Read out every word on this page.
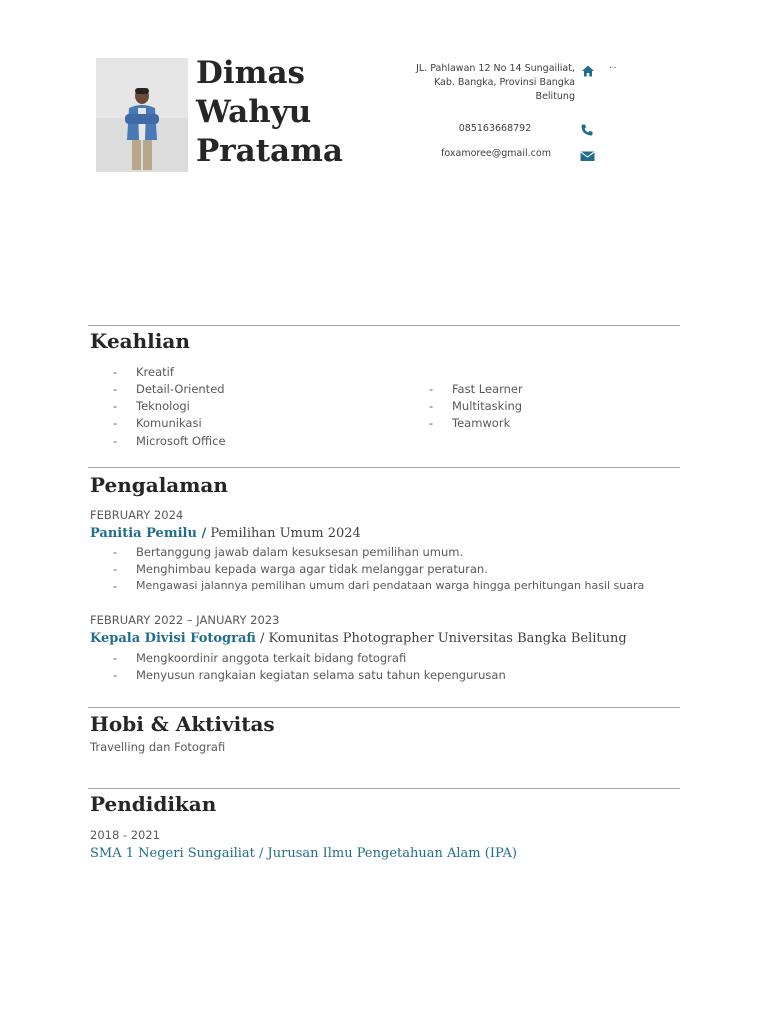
Dimas
Wahyu
Pratama
JL. Pahlawan 12 No 14 Sungailiat, Kab. Bangka, Provinsi Bangka Belitung
085163668792
foxamoree@gmail.com
··
Keahlian
- Kreatif
- Detail-Oriented
- Teknologi
- Komunikasi
- Microsoft Office
- Fast Learner
- Multitasking
- Teamwork
Pengalaman
FEBRUARY 2024
Panitia Pemilu / Pemilihan Umum 2024
- Bertanggung jawab dalam kesuksesan pemilihan umum.
- Menghimbau kepada warga agar tidak melanggar peraturan.
- Mengawasi jalannya pemilihan umum dari pendataan warga hingga perhitungan hasil suara
FEBRUARY 2022 – JANUARY 2023
Kepala Divisi Fotografi / Komunitas Photographer Universitas Bangka Belitung
- Mengkoordinir anggota terkait bidang fotografi
- Menyusun rangkaian kegiatan selama satu tahun kepengurusan
Hobi & Aktivitas
Travelling dan Fotografi
Pendidikan
2018 - 2021
SMA 1 Negeri Sungailiat / Jurusan Ilmu Pengetahuan Alam (IPA)
